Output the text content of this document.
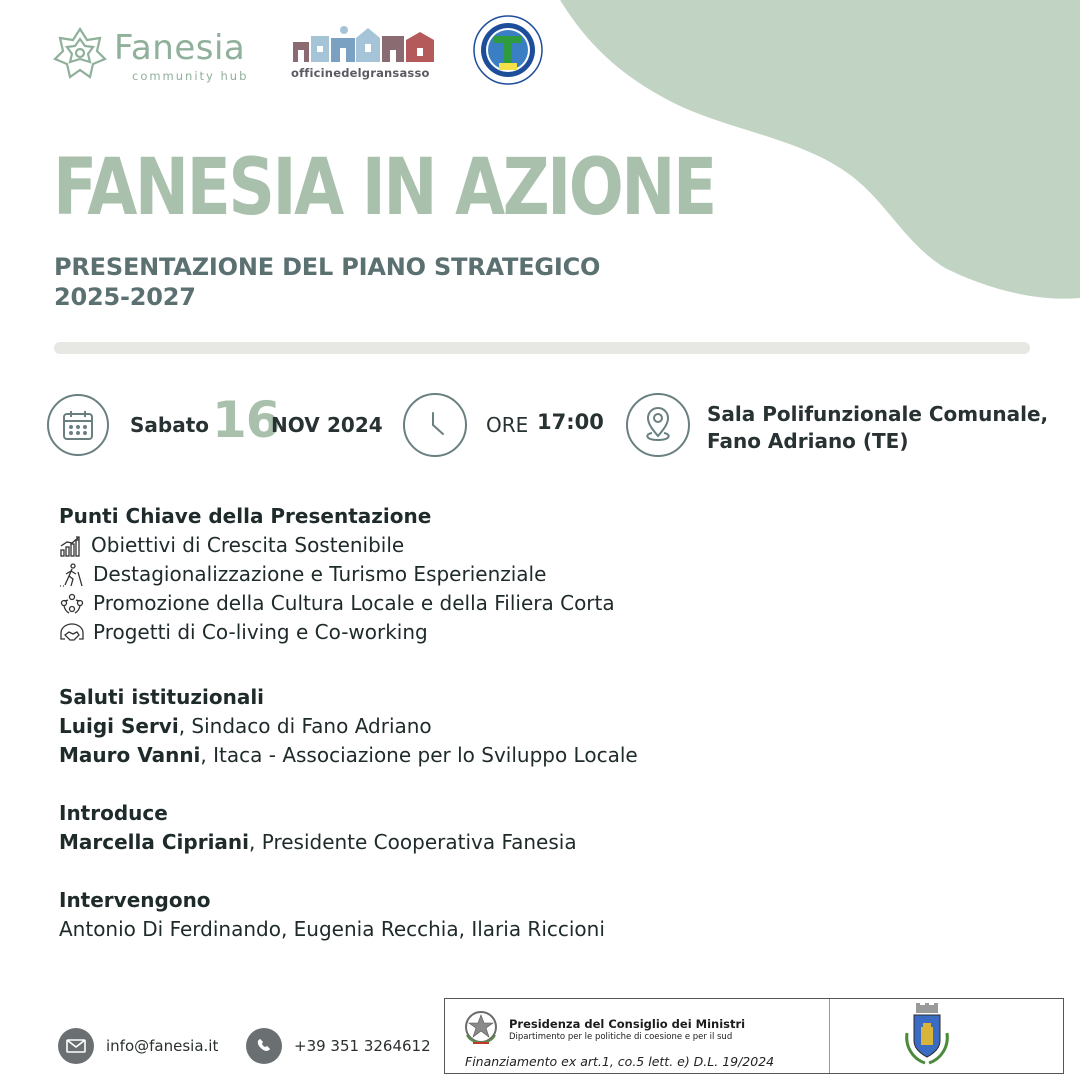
Fanesia
community hub	officinedelgransasso
FANESIA IN AZIONE
PRESENTAZIONE DEL PIANO STRATEGICO
2025-2027
Sabato 16
NOV 2024	ORE 17:00	Sala Polifunzionale Comunale,
Fano Adriano (TE)
Punti Chiave della Presentazione
Obiettivi di Crescita Sostenibile
Destagionalizzazione e Turismo Esperienziale
Promozione della Cultura Locale e della Filiera Corta
Progetti di Co-living e Co-working
Saluti istituzionali
Luigi Servi, Sindaco di Fano Adriano
Mauro Vanni, Itaca - Associazione per lo Sviluppo Locale
Introduce
Marcella Cipriani, Presidente Cooperativa Fanesia
Intervengono
Antonio Di Ferdinando, Eugenia Recchia, Ilaria Riccioni
info@fanesia.it	+39 351 3264612
Presidenza del Consiglio dei Ministri
Dipartimento per le politiche di coesione e per il sud
Finanziamento ex art.1, co.5 lett. e) D.L. 19/2024
